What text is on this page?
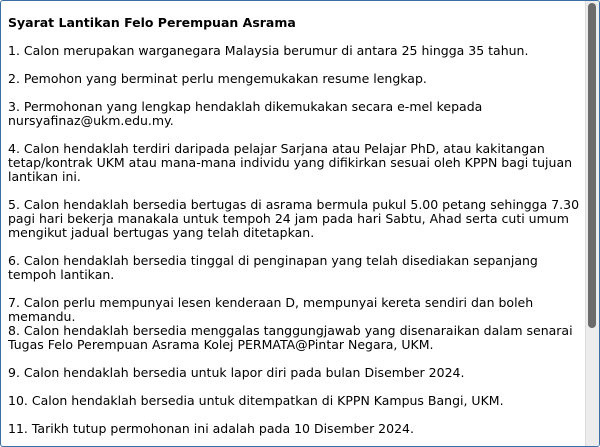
Syarat Lantikan Felo Perempuan Asrama

1. Calon merupakan warganegara Malaysia berumur di antara 25 hingga 35 tahun.

2. Pemohon yang berminat perlu mengemukakan resume lengkap.

3. Permohonan yang lengkap hendaklah dikemukakan secara e-mel kepada nursyafinaz@ukm.edu.my.

4. Calon hendaklah terdiri daripada pelajar Sarjana atau Pelajar PhD, atau kakitangan tetap/kontrak UKM atau mana-mana individu yang difikirkan sesuai oleh KPPN bagi tujuan lantikan ini.

5. Calon hendaklah bersedia bertugas di asrama bermula pukul 5.00 petang sehingga 7.30 pagi hari bekerja manakala untuk tempoh 24 jam pada hari Sabtu, Ahad serta cuti umum mengikut jadual bertugas yang telah ditetapkan.

6. Calon hendaklah bersedia tinggal di penginapan yang telah disediakan sepanjang tempoh lantikan.

7. Calon perlu mempunyai lesen kenderaan D, mempunyai kereta sendiri dan boleh memandu.

8. Calon hendaklah bersedia menggalas tanggungjawab yang disenaraikan dalam senarai Tugas Felo Perempuan Asrama Kolej PERMATA@Pintar Negara, UKM.

9. Calon hendaklah bersedia untuk lapor diri pada bulan Disember 2024.

10. Calon hendaklah bersedia untuk ditempatkan di KPPN Kampus Bangi, UKM.

11. Tarikh tutup permohonan ini adalah pada 10 Disember 2024.
